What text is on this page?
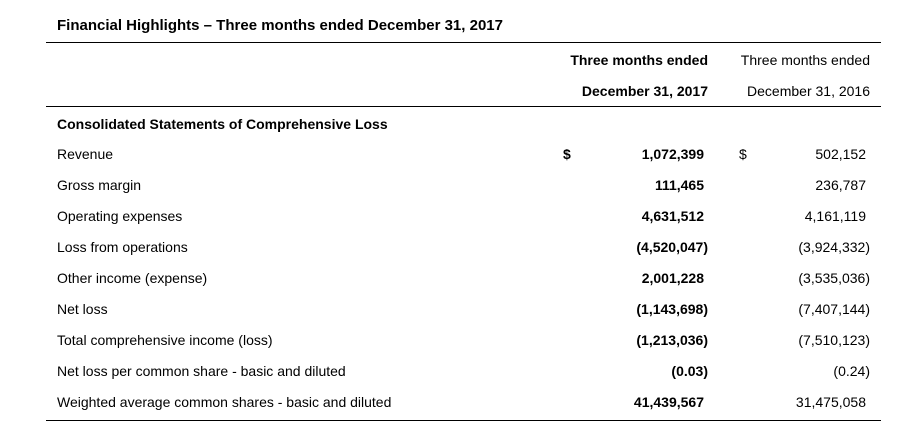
Financial Highlights – Three months ended December 31, 2017
Three months ended
December 31, 2017
Three months ended
December 31, 2016
Consolidated Statements of Comprehensive Loss
Revenue	$	1,072,399	$	502,152
Gross margin	111,465	236,787
Operating expenses	4,631,512	4,161,119
Loss from operations	(4,520,047)	(3,924,332)
Other income (expense)	2,001,228	(3,535,036)
Net loss	(1,143,698)	(7,407,144)
Total comprehensive income (loss)	(1,213,036)	(7,510,123)
Net loss per common share - basic and diluted	(0.03)	(0.24)
Weighted average common shares - basic and diluted	41,439,567	31,475,058
